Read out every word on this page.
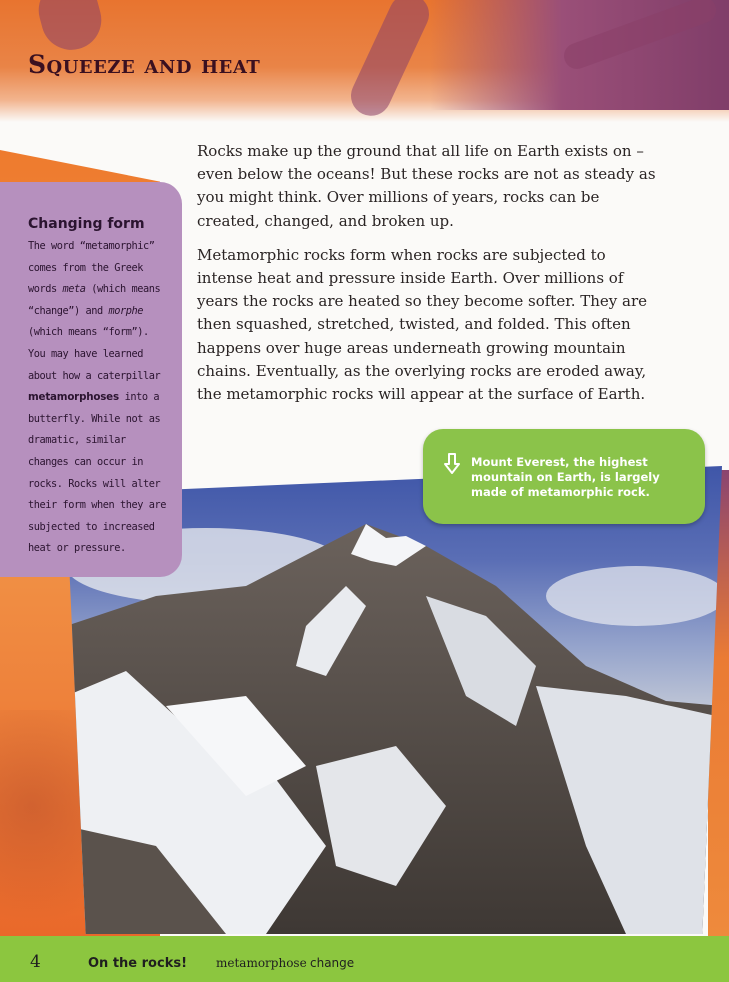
Squeeze and heat
Changing form

The word “metamorphic” comes from the Greek words meta (which means “change”) and morphe (which means “form”). You may have learned about how a caterpillar metamorphoses into a butterfly. While not as dramatic, similar changes can occur in rocks. Rocks will alter their form when they are subjected to increased heat or pressure.

Rocks make up the ground that all life on Earth exists on – even below the oceans! But these rocks are not as steady as you might think. Over millions of years, rocks can be created, changed, and broken up.

Metamorphic rocks form when rocks are subjected to intense heat and pressure inside Earth. Over millions of years the rocks are heated so they become softer. They are then squashed, stretched, twisted, and folded. This often happens over huge areas underneath growing mountain chains. Eventually, as the overlying rocks are eroded away, the metamorphic rocks will appear at the surface of Earth.

Mount Everest, the highest mountain on Earth, is largely made of metamorphic rock.
4	On the rocks! metamorphose change
